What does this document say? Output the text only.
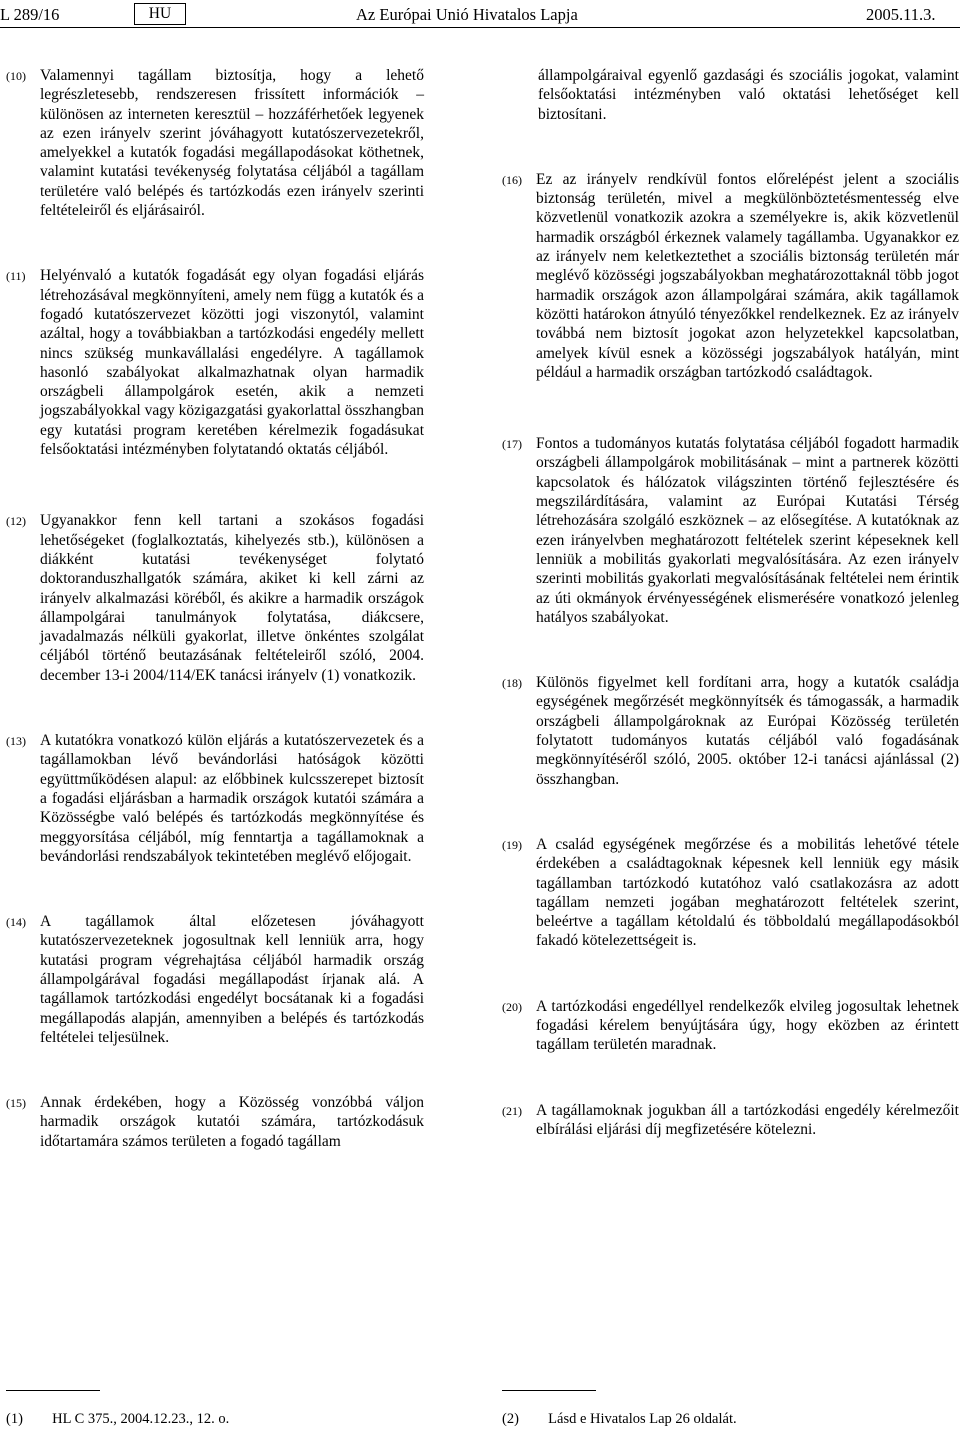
L 289/16	HU	Az Európai Unió Hivatalos Lapja	2005.11.3.
(10) Valamennyi tagállam biztosítja, hogy a lehető legrészletesebb, rendszeresen frissített információk – különösen az interneten keresztül – hozzáférhetőek legyenek az ezen irányelv szerint jóváhagyott kutatószervezetekről, amelyekkel a kutatók fogadási megállapodásokat köthetnek, valamint kutatási tevékenység folytatása céljából a tagállam területére való belépés és tartózkodás ezen irányelv szerinti feltételeiről és eljárásairól.
(11) Helyénvaló a kutatók fogadását egy olyan fogadási eljárás létrehozásával megkönnyíteni, amely nem függ a kutatók és a fogadó kutatószervezet közötti jogi viszonytól, valamint azáltal, hogy a továbbiakban a tartózkodási engedély mellett nincs szükség munkavállalási engedélyre. A tagállamok hasonló szabályokat alkalmazhatnak olyan harmadik országbeli állampolgárok esetén, akik a nemzeti jogszabályokkal vagy közigazgatási gyakorlattal összhangban egy kutatási program keretében kérelmezik fogadásukat felsőoktatási intézményben folytatandó oktatás céljából.
(12) Ugyanakkor fenn kell tartani a szokásos fogadási lehetőségeket (foglalkoztatás, kihelyezés stb.), különösen a diákként kutatási tevékenységet folytató doktoranduszhallgatók számára, akiket ki kell zárni az irányelv alkalmazási köréből, és akikre a harmadik országok állampolgárai tanulmányok folytatása, diákcsere, javadalmazás nélküli gyakorlat, illetve önkéntes szolgálat céljából történő beutazásának feltételeiről szóló, 2004. december 13-i 2004/114/EK tanácsi irányelv (1) vonatkozik.
(13) A kutatókra vonatkozó külön eljárás a kutatószervezetek és a tagállamokban lévő bevándorlási hatóságok közötti együttműködésen alapul: az előbbinek kulcsszerepet biztosít a fogadási eljárásban a harmadik országok kutatói számára a Közösségbe való belépés és tartózkodás megkönnyítése és meggyorsítása céljából, míg fenntartja a tagállamoknak a bevándorlási rendszabályok tekintetében meglévő előjogait.
(14) A tagállamok által előzetesen jóváhagyott kutatószervezeteknek jogosultnak kell lenniük arra, hogy kutatási program végrehajtása céljából harmadik ország állampolgárával fogadási megállapodást írjanak alá. A tagállamok tartózkodási engedélyt bocsátanak ki a fogadási megállapodás alapján, amennyiben a belépés és tartózkodás feltételei teljesülnek.
(15) Annak érdekében, hogy a Közösség vonzóbbá váljon harmadik országok kutatói számára, tartózkodásuk időtartamára számos területen a fogadó tagállam
állampolgáraival egyenlő gazdasági és szociális jogokat, valamint felsőoktatási intézményben való oktatási lehetőséget kell biztosítani.
(16) Ez az irányelv rendkívül fontos előrelépést jelent a szociális biztonság területén, mivel a megkülönböztetésmentesség elve közvetlenül vonatkozik azokra a személyekre is, akik közvetlenül harmadik országból érkeznek valamely tagállamba. Ugyanakkor ez az irányelv nem keletkeztethet a szociális biztonság területén már meglévő közösségi jogszabályokban meghatározottaknál több jogot harmadik országok azon állampolgárai számára, akik tagállamok közötti határokon átnyúló tényezőkkel rendelkeznek. Ez az irányelv továbbá nem biztosít jogokat azon helyzetekkel kapcsolatban, amelyek kívül esnek a közösségi jogszabályok hatályán, mint például a harmadik országban tartózkodó családtagok.
(17) Fontos a tudományos kutatás folytatása céljából fogadott harmadik országbeli állampolgárok mobilitásának – mint a partnerek közötti kapcsolatok és hálózatok világszinten történő fejlesztésére és megszilárdítására, valamint az Európai Kutatási Térség létrehozására szolgáló eszköznek – az elősegítése. A kutatóknak az ezen irányelvben meghatározott feltételek szerint képeseknek kell lenniük a mobilitás gyakorlati megvalósítására. Az ezen irányelv szerinti mobilitás gyakorlati megvalósításának feltételei nem érintik az úti okmányok érvényességének elismerésére vonatkozó jelenleg hatályos szabályokat.
(18) Különös figyelmet kell fordítani arra, hogy a kutatók családja egységének megőrzését megkönnyítsék és támogassák, a harmadik országbeli állampolgároknak az Európai Közösség területén folytatott tudományos kutatás céljából való fogadásának megkönnyítéséről szóló, 2005. október 12-i tanácsi ajánlással (2) összhangban.
(19) A család egységének megőrzése és a mobilitás lehetővé tétele érdekében a családtagoknak képesnek kell lenniük egy másik tagállamban tartózkodó kutatóhoz való csatlakozásra az adott tagállam nemzeti jogában meghatározott feltételek szerint, beleértve a tagállam kétoldalú és többoldalú megállapodásokból fakadó kötelezettségeit is.
(20) A tartózkodási engedéllyel rendelkezők elvileg jogosultak lehetnek fogadási kérelem benyújtására úgy, hogy eközben az érintett tagállam területén maradnak.
(21) A tagállamoknak jogukban áll a tartózkodási engedély kérelmezőit elbírálási eljárási díj megfizetésére kötelezni.
(1) HL C 375., 2004.12.23., 12. o.	(2) Lásd e Hivatalos Lap 26 oldalát.
